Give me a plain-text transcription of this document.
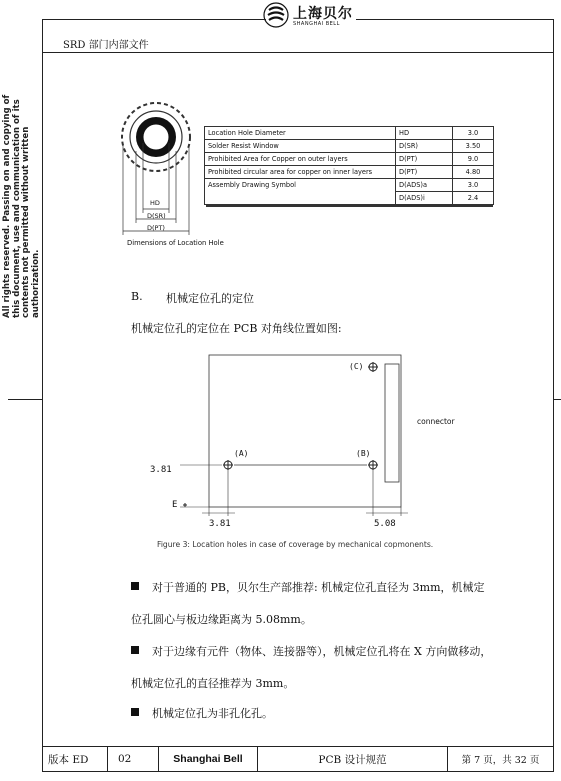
上海贝尔
SHANGHAI BELL
SRD 部门内部文件
All rights reserved. Passing on and copying of this document, use and communication of its contents not permitted without written authorization.
HD
D(SR)
D(PT)
Dimensions of Location Hole
Location Hole Diameter	HD	3.0
Solder Resist Window	D(SR)	3.50
Prohibited Area for Copper on outer layers	D(PT)	9.0
Prohibited circular area for copper on inner layers	D(PT)	4.80
Assembly Drawing Symbol	D(ADS)a	3.0
	D(ADS)i	2.4
B. 机械定位孔的定位
机械定位孔的定位在 PCB 对角线位置如图:
(A)	(B)
(C)
connector
3.81
E
3.81	5.08
Figure 3: Location holes in case of coverage by mechanical copmonents.
对于普通的 PB，贝尔生产部推荐: 机械定位孔直径为 3mm，机械定
位孔圆心与板边缘距离为 5.08mm。
对于边缘有元件（物体、连接器等），机械定位孔将在 X 方向做移动，
机械定位孔的直径推荐为 3mm。
机械定位孔为非孔化孔。
版本 ED	02	Shanghai Bell	PCB 设计规范	第 7 页，共 32 页
